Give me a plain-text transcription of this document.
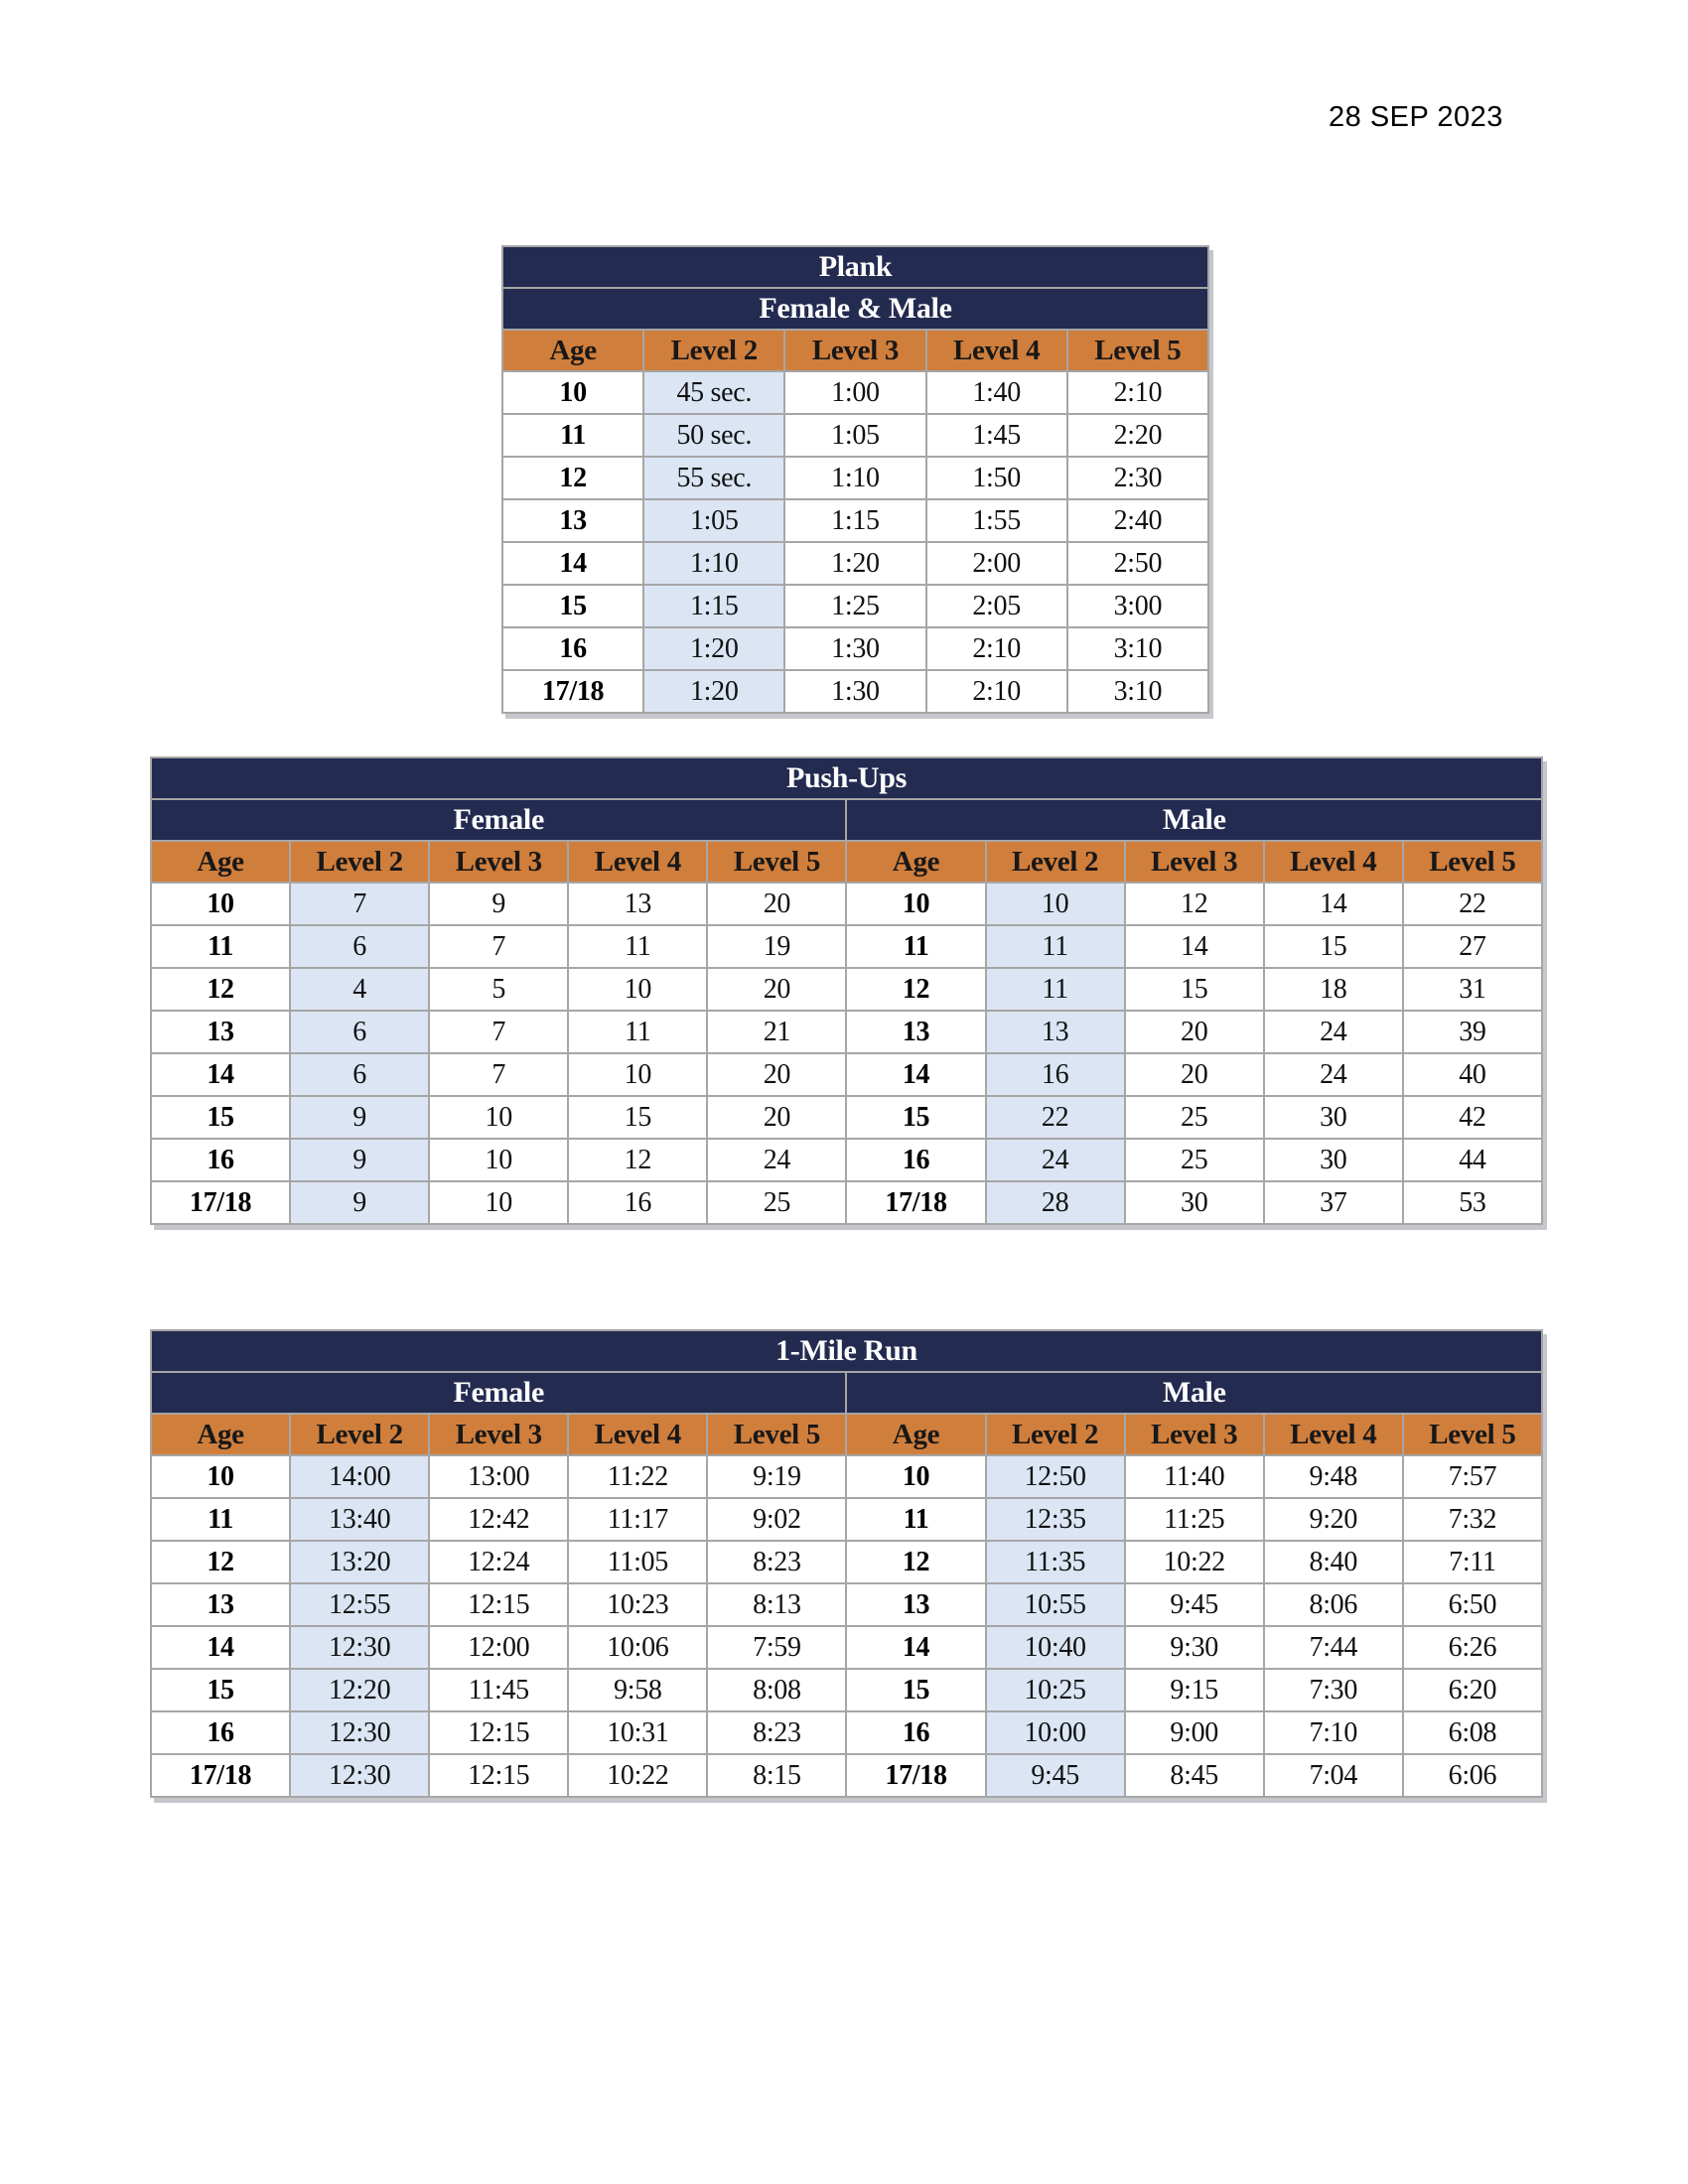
28 SEP 2023
Plank				
Female & Male				
Age	Level 2	Level 3	Level 4	Level 5
10	45 sec.	1:00	1:40	2:10
11	50 sec.	1:05	1:45	2:20
12	55 sec.	1:10	1:50	2:30
13	1:05	1:15	1:55	2:40
14	1:10	1:20	2:00	2:50
15	1:15	1:25	2:05	3:00
16	1:20	1:30	2:10	3:10
17/18	1:20	1:30	2:10	3:10
Push-Ups									
Female					Male				
Age	Level 2	Level 3	Level 4	Level 5	Age	Level 2	Level 3	Level 4	Level 5
10	7	9	13	20	10	10	12	14	22
11	6	7	11	19	11	11	14	15	27
12	4	5	10	20	12	11	15	18	31
13	6	7	11	21	13	13	20	24	39
14	6	7	10	20	14	16	20	24	40
15	9	10	15	20	15	22	25	30	42
16	9	10	12	24	16	24	25	30	44
17/18	9	10	16	25	17/18	28	30	37	53
1-Mile Run									
Female					Male				
Age	Level 2	Level 3	Level 4	Level 5	Age	Level 2	Level 3	Level 4	Level 5
10	14:00	13:00	11:22	9:19	10	12:50	11:40	9:48	7:57
11	13:40	12:42	11:17	9:02	11	12:35	11:25	9:20	7:32
12	13:20	12:24	11:05	8:23	12	11:35	10:22	8:40	7:11
13	12:55	12:15	10:23	8:13	13	10:55	9:45	8:06	6:50
14	12:30	12:00	10:06	7:59	14	10:40	9:30	7:44	6:26
15	12:20	11:45	9:58	8:08	15	10:25	9:15	7:30	6:20
16	12:30	12:15	10:31	8:23	16	10:00	9:00	7:10	6:08
17/18	12:30	12:15	10:22	8:15	17/18	9:45	8:45	7:04	6:06
